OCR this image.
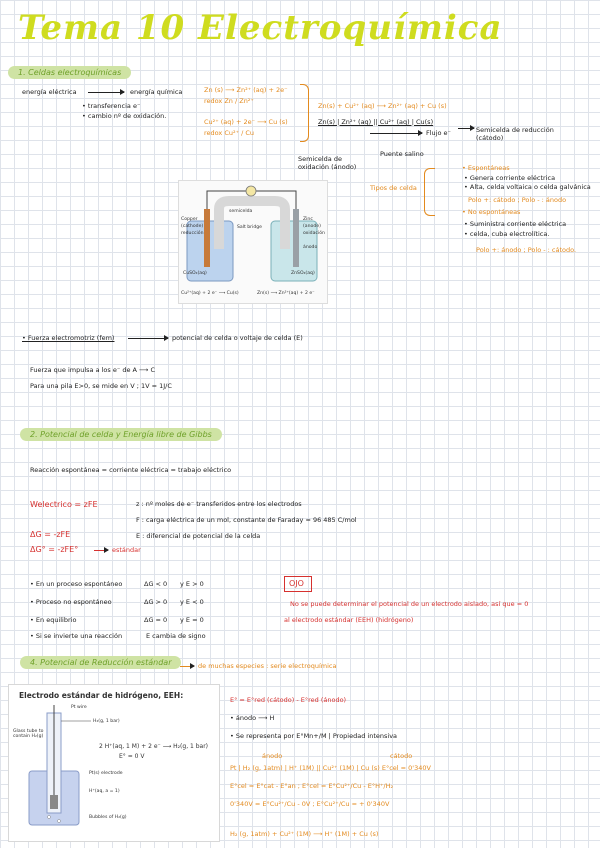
Tema 10 Electroquímica
1. Celdas electroquímicas
energía eléctrica	energía química
• transferencia e⁻
• cambio nº de oxidación.
Zn (s) ⟶ Zn²⁺ (aq) + 2e⁻
redox Zn / Zn²⁺
Cu²⁺ (aq) + 2e⁻ ⟶ Cu (s)
redox Cu²⁺ / Cu
Zn(s) + Cu²⁺ (aq) ⟶ Zn²⁺ (aq) + Cu (s)
Zn(s) | Zn²⁺ (aq) || Cu²⁺ (aq) | Cu(s)
Flujo e⁻	Semicelda de reducción (cátodo)
Semicelda de oxidación (ánodo)
Puente salino
Tipos de celda
• Espontáneas
• Genera corriente eléctrica
• Alta, celda voltaica o celda galvánica
Polo +: cátodo ; Polo - : ánodo
• No espontáneas
• Suministra corriente eléctrica
• celda, cuba electrolítica.
Polo +: ánodo ; Polo - : cátodo.
semicelda
Copper
(cathode)
reducción
Salt bridge
Zinc
(anode)
oxidación
ánodo
CuSO₄(aq)	ZnSO₄(aq)
Cu²⁺(aq) + 2 e⁻ ⟶ Cu(s)	Zn(s) ⟶ Zn²⁺(aq) + 2 e⁻
• Fuerza electromotriz (fem)	potencial de celda o voltaje de celda (E)
Fuerza que impulsa a los e⁻ de A ⟶ C
Para una pila E>0, se mide en V ; 1V = 1J/C
2. Potencial de celda y Energía libre de Gibbs
Reacción espontánea = corriente eléctrica = trabajo eléctrico
Welectrico = zFE
ΔG = -zFE
ΔG° = -zFE°	estándar
z : nº moles de e⁻ transferidos entre los electrodos
F : carga eléctrica de un mol, constante de Faraday = 96 485 C/mol
E : diferencial de potencial de la celda
• En un proceso espontáneo	ΔG < 0 y E > 0
• Proceso no espontáneo	ΔG > 0 y E < 0
• En equilibrio	ΔG = 0 y E = 0
• Si se invierte una reacción	E cambia de signo
OJO
No se puede determinar el potencial de un electrodo aislado, así que = 0
al electrodo estándar (EEH) (hidrógeno)
4. Potencial de Reducción estándar	de muchas especies : serie electroquímica
Electrodo estándar de hidrógeno, EEH:
Pt wire
H₂(g, 1 bar)
Glass tube to contain H₂(g)
2 H⁺(aq, 1 M) + 2 e⁻ ⟶ H₂(g, 1 bar)
E° = 0 V
Pt(s) electrode
H⁺(aq, a = 1)
Bubbles of H₂(g)
E° = E°red (cátodo) - E°red (ánodo)
• ánodo ⟶ H
• Se representa por E°Mn+/M | Propiedad intensiva
ánodo	cátodo
Pt | H₂ (g, 1atm) | H⁺ (1M) || Cu²⁺ (1M) | Cu (s) E°cel = 0'340V
E°cel = E°cat - E°an ; E°cel = E°Cu²⁺/Cu - E°H⁺/H₂
0'340V = E°Cu²⁺/Cu - 0V ; E°Cu²⁺/Cu = + 0'340V
H₂ (g, 1atm) + Cu²⁺ (1M) ⟶ H⁺ (1M) + Cu (s)
